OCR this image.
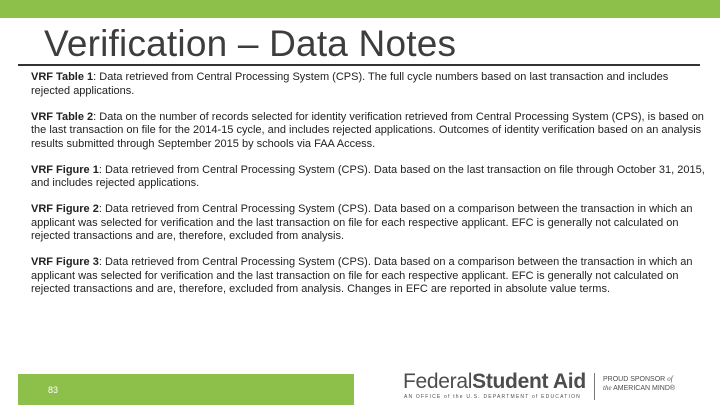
Verification – Data Notes

VRF Table 1: Data retrieved from Central Processing System (CPS). The full cycle numbers based on last transaction and includes rejected applications.

VRF Table 2: Data on the number of records selected for identity verification retrieved from Central Processing System (CPS), is based on the last transaction on file for the 2014-15 cycle, and includes rejected applications. Outcomes of identity verification based on an analysis results submitted through September 2015 by schools via FAA Access.

VRF Figure 1: Data retrieved from Central Processing System (CPS). Data based on the last transaction on file through October 31, 2015, and includes rejected applications.

VRF Figure 2: Data retrieved from Central Processing System (CPS). Data based on a comparison between the transaction in which an applicant was selected for verification and the last transaction on file for each respective applicant. EFC is generally not calculated on rejected transactions and are, therefore, excluded from analysis.

VRF Figure 3: Data retrieved from Central Processing System (CPS). Data based on a comparison between the transaction in which an applicant was selected for verification and the last transaction on file for each respective applicant. EFC is generally not calculated on rejected transactions and are, therefore, excluded from analysis. Changes in EFC are reported in absolute value terms.

83	FederalStudent Aid
AN OFFICE of the U.S. DEPARTMENT of EDUCATION
PROUD SPONSOR of
the AMERICAN MIND®
